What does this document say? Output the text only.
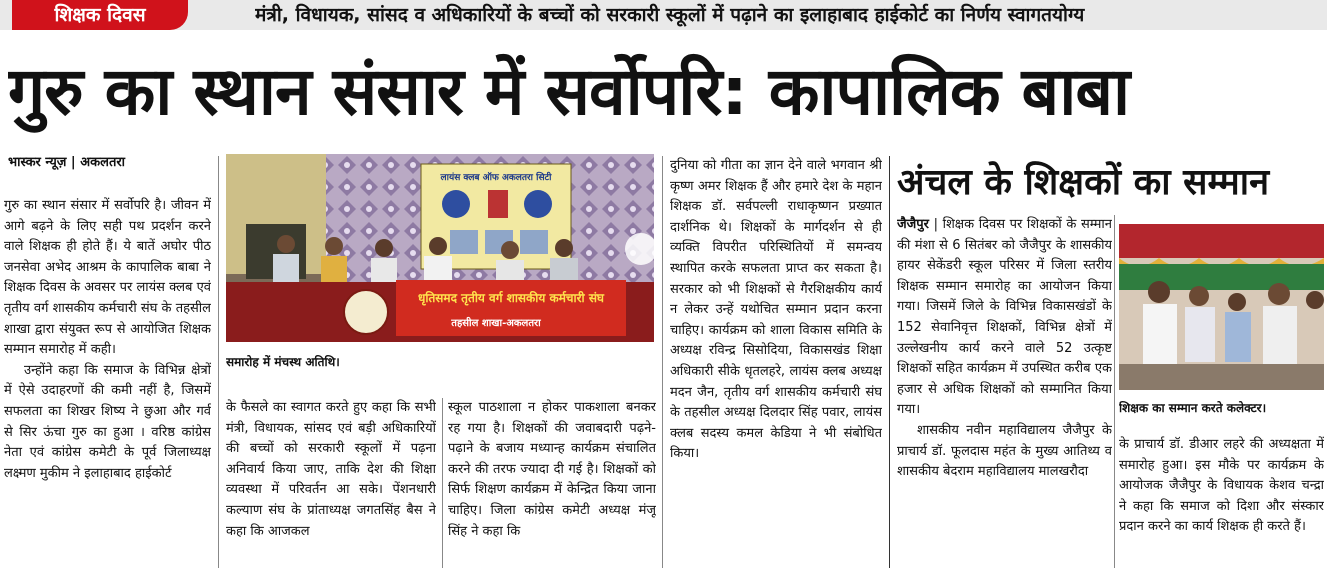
शिक्षक दिवस	मंत्री, विधायक, सांसद व अधिकारियों के बच्चों को सरकारी स्कूलों में पढ़ाने का इलाहाबाद हाईकोर्ट का निर्णय स्वागतयोग्य
गुरु का स्थान संसार में सर्वोपरि: कापालिक बाबा
भास्कर न्यूज़ | अकलतरा

गुरु का स्थान संसार में सर्वोपरि है। जीवन में आगे बढ़ने के लिए सही पथ प्रदर्शन करने वाले शिक्षक ही होते हैं। ये बातें अघोर पीठ जनसेवा अभेद आश्रम के कापालिक बाबा ने शिक्षक दिवस के अवसर पर लायंस क्लब एवं तृतीय वर्ग शासकीय कर्मचारी संघ के तहसील शाखा द्वारा संयुक्त रूप से आयोजित शिक्षक सम्मान समारोह में कही।

उन्होंने कहा कि समाज के विभिन्न क्षेत्रों में ऐसे उदाहरणों की कमी नहीं है, जिसमें सफलता का शिखर शिष्य ने छुआ और गर्व से सिर ऊंचा गुरु का हुआ । वरिष्ठ कांग्रेस नेता एवं कांग्रेस कमेटी के पूर्व जिलाध्यक्ष लक्ष्मण मुकीम ने इलाहाबाद हाईकोर्ट

लायंस क्लब ऑफ अकलतरा सिटी
धृतिसमद तृतीय वर्ग शासकीय कर्मचारी संघ
तहसील शाखा-अकलतरा
समारोह में मंचस्थ अतिथि।

के फैसले का स्वागत करते हुए कहा कि सभी मंत्री, विधायक, सांसद एवं बड़ी अधिकारियों की बच्चों को सरकारी स्कूलों में पढ़ना अनिवार्य किया जाए, ताकि देश की शिक्षा व्यवस्था में परिवर्तन आ सके। पेंशनधारी कल्याण संघ के प्रांताध्यक्ष जगतसिंह बैस ने कहा कि आजकल

स्कूल पाठशाला न होकर पाकशाला बनकर रह गया है। शिक्षकों की जवाबदारी पढ़ने-पढ़ाने के बजाय मध्यान्ह कार्यक्रम संचालित करने की तरफ ज्यादा दी गई है। शिक्षकों को सिर्फ शिक्षण कार्यक्रम में केन्द्रित किया जाना चाहिए। जिला कांग्रेस कमेटी अध्यक्ष मंजू सिंह ने कहा कि

दुनिया को गीता का ज्ञान देने वाले भगवान श्री कृष्ण अमर शिक्षक हैं और हमारे देश के महान शिक्षक डॉ. सर्वपल्ली राधाकृष्णन प्रख्यात दार्शनिक थे। शिक्षकों के मार्गदर्शन से ही व्यक्ति विपरीत परिस्थितियों में समन्वय स्थापित करके सफलता प्राप्त कर सकता है। सरकार को भी शिक्षकों से गैरशिक्षकीय कार्य न लेकर उन्हें यथोचित सम्मान प्रदान करना चाहिए। कार्यक्रम को शाला विकास समिति के अध्यक्ष रविन्द्र सिसोदिया, विकासखंड शिक्षा अधिकारी सीके धृतलहरे, लायंस क्लब अध्यक्ष मदन जैन, तृतीय वर्ग शासकीय कर्मचारी संघ के तहसील अध्यक्ष दिलदार सिंह पवार, लायंस क्लब सदस्य कमल केडिया ने भी संबोधित किया।

अंचल के शिक्षकों का सम्मान

जैजैपुर | शिक्षक दिवस पर शिक्षकों के सम्मान की मंशा से 6 सितंबर को जैजैपुर के शासकीय हायर सेकेंडरी स्कूल परिसर में जिला स्तरीय शिक्षक सम्मान समारोह का आयोजन किया गया। जिसमें जिले के विभिन्न विकासखंडों के 152 सेवानिवृत्त शिक्षकों, विभिन्न क्षेत्रों में उल्लेखनीय कार्य करने वाले 52 उत्कृष्ट शिक्षकों सहित कार्यक्रम में उपस्थित करीब एक हजार से अधिक शिक्षकों को सम्मानित किया गया।

शासकीय नवीन महाविद्यालय जैजैपुर के प्राचार्य डॉ. फूलदास महंत के मुख्य आतिथ्य व शासकीय बेदराम महाविद्यालय मालखरौदा

शिक्षक का सम्मान करते कलेक्टर।

के प्राचार्य डॉ. डीआर लहरे की अध्यक्षता में समारोह हुआ। इस मौके पर कार्यक्रम के आयोजक जैजैपुर के विधायक केशव चन्द्रा ने कहा कि समाज को दिशा और संस्कार प्रदान करने का कार्य शिक्षक ही करते हैं।
